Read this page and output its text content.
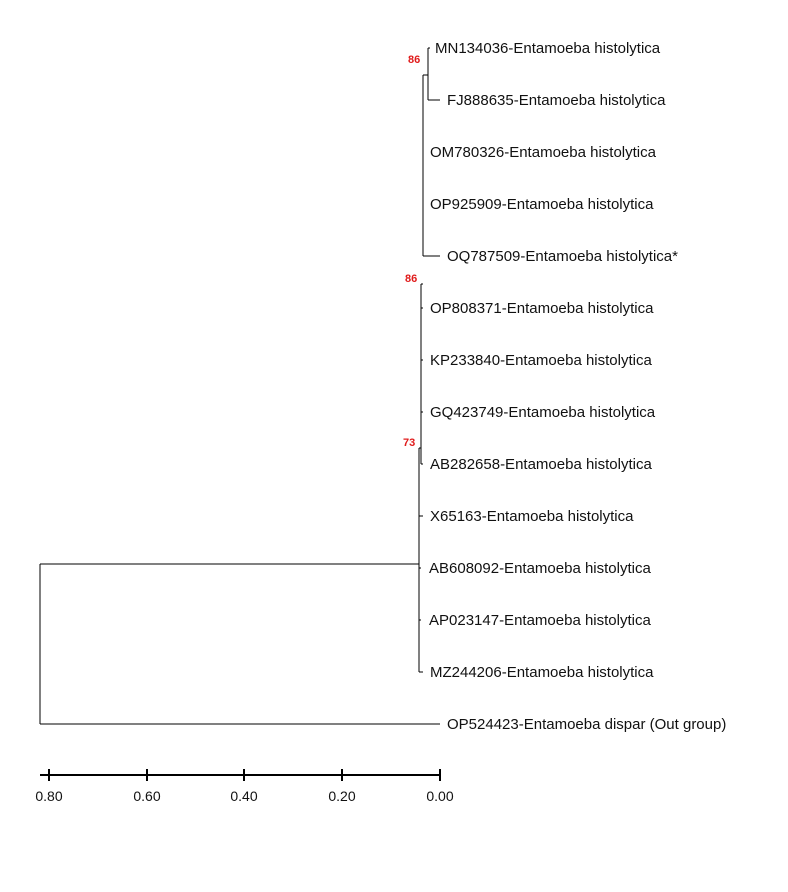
MN134036-Entamoeba histolytica
FJ888635-Entamoeba histolytica
OM780326-Entamoeba histolytica
OP925909-Entamoeba histolytica
OQ787509-Entamoeba histolytica*
OP808371-Entamoeba histolytica
KP233840-Entamoeba histolytica
GQ423749-Entamoeba histolytica
AB282658-Entamoeba histolytica
X65163-Entamoeba histolytica
AB608092-Entamoeba histolytica
AP023147-Entamoeba histolytica
MZ244206-Entamoeba histolytica
OP524423-Entamoeba dispar (Out group)
86
86
73
0.80	0.60	0.40	0.20	0.00
